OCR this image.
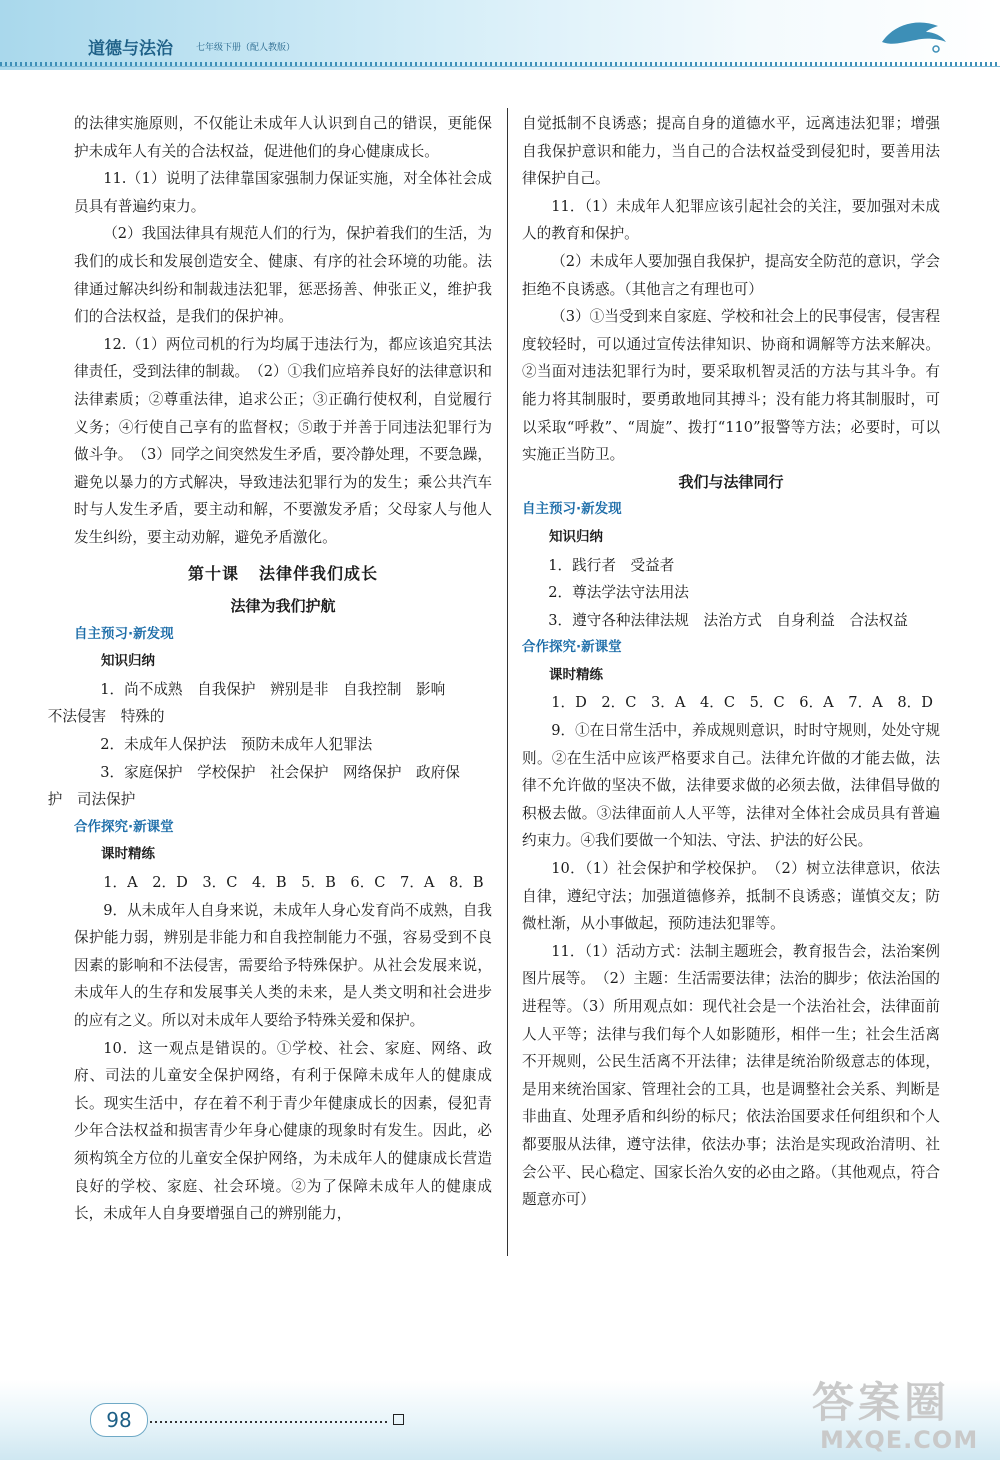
道德与法治	七年级下册（配人教版）

的法律实施原则，不仅能让未成年人认识到自己的错误，更能保护未成年人有关的合法权益，促进他们的身心健康成长。

11.（1）说明了法律靠国家强制力保证实施，对全体社会成员具有普遍约束力。

（2）我国法律具有规范人们的行为，保护着我们的生活，为我们的成长和发展创造安全、健康、有序的社会环境的功能。法律通过解决纠纷和制裁违法犯罪，惩恶扬善、伸张正义，维护我们的合法权益，是我们的保护神。

12.（1）两位司机的行为均属于违法行为，都应该追究其法律责任，受到法律的制裁。　（2）①我们应培养良好的法律意识和法律素质；②尊重法律，追求公正；③正确行使权利，自觉履行义务；④行使自己享有的监督权；⑤敢于并善于同违法犯罪行为做斗争。　（3）同学之间突然发生矛盾，要冷静处理，不要急躁，避免以暴力的方式解决，导致违法犯罪行为的发生；乘公共汽车时与人发生矛盾，要主动和解，不要激发矛盾；父母家人与他人发生纠纷，要主动劝解，避免矛盾激化。

第十课 法律伴我们成长
法律为我们护航
自主预习·新发现
知识归纳

1．尚不成熟　自我保护　辨别是非　自我控制　影响
不法侵害　特殊的

2．未成年人保护法　预防未成年人犯罪法

3．家庭保护　学校保护　社会保护　网络保护　政府保
护　司法保护

合作探究·新课堂
课时精练

1．A　2．D　3．C　4．B　5．B　6．C　7．A　8．B

9．从未成年人自身来说，未成年人身心发育尚不成熟，自我保护能力弱，辨别是非能力和自我控制能力不强，容易受到不良因素的影响和不法侵害，需要给予特殊保护。从社会发展来说，未成年人的生存和发展事关人类的未来，是人类文明和社会进步的应有之义。所以对未成年人要给予特殊关爱和保护。

10．这一观点是错误的。①学校、社会、家庭、网络、政府、司法的儿童安全保护网络，有利于保障未成年人的健康成长。现实生活中，存在着不利于青少年健康成长的因素，侵犯青少年合法权益和损害青少年身心健康的现象时有发生。因此，必须构筑全方位的儿童安全保护网络，为未成年人的健康成长营造良好的学校、家庭、社会环境。②为了保障未成年人的健康成长，未成年人自身要增强自己的辨别能力，

自觉抵制不良诱惑；提高自身的道德水平，远离违法犯罪；增强自我保护意识和能力，当自己的合法权益受到侵犯时，要善用法律保护自己。

11．（1）未成年人犯罪应该引起社会的关注，要加强对未成人的教育和保护。

（2）未成年人要加强自我保护，提高安全防范的意识，学会拒绝不良诱惑。（其他言之有理也可）

（3）①当受到来自家庭、学校和社会上的民事侵害，侵害程度较轻时，可以通过宣传法律知识、协商和调解等方法来解决。②当面对违法犯罪行为时，要采取机智灵活的方法与其斗争。有能力将其制服时，要勇敢地同其搏斗；没有能力将其制服时，可以采取“呼救”、“周旋”、拨打“110”报警等方法；必要时，可以实施正当防卫。

我们与法律同行
自主预习·新发现
知识归纳

1．践行者　受益者

2．尊法学法守法用法

3．遵守各种法律法规　法治方式　自身利益　合法权益

合作探究·新课堂
课时精练

1．D　2．C　3．A　4．C　5．C　6．A　7．A　8．D

9．①在日常生活中，养成规则意识，时时守规则，处处守规则。②在生活中应该严格要求自己。法律允许做的才能去做，法律不允许做的坚决不做，法律要求做的必须去做，法律倡导做的积极去做。③法律面前人人平等，法律对全体社会成员具有普遍约束力。④我们要做一个知法、守法、护法的好公民。

10．（1）社会保护和学校保护。　（2）树立法律意识，依法自律，遵纪守法；加强道德修养，抵制不良诱惑；谨慎交友；防微杜渐，从小事做起，预防违法犯罪等。

11．（1）活动方式：法制主题班会，教育报告会，法治案例图片展等。　（2）主题：生活需要法律；法治的脚步；依法治国的进程等。（3）所用观点如：现代社会是一个法治社会，法律面前人人平等；法律与我们每个人如影随形，相伴一生；社会生活离不开规则，公民生活离不开法律；法律是统治阶级意志的体现，是用来统治国家、管理社会的工具，也是调整社会关系、判断是非曲直、处理矛盾和纠纷的标尺；依法治国要求任何组织和个人都要服从法律，遵守法律，依法办事；法治是实现政治清明、社会公平、民心稳定、国家长治久安的必由之路。（其他观点，符合题意亦可）

98	答案圈
MXQE.COM
